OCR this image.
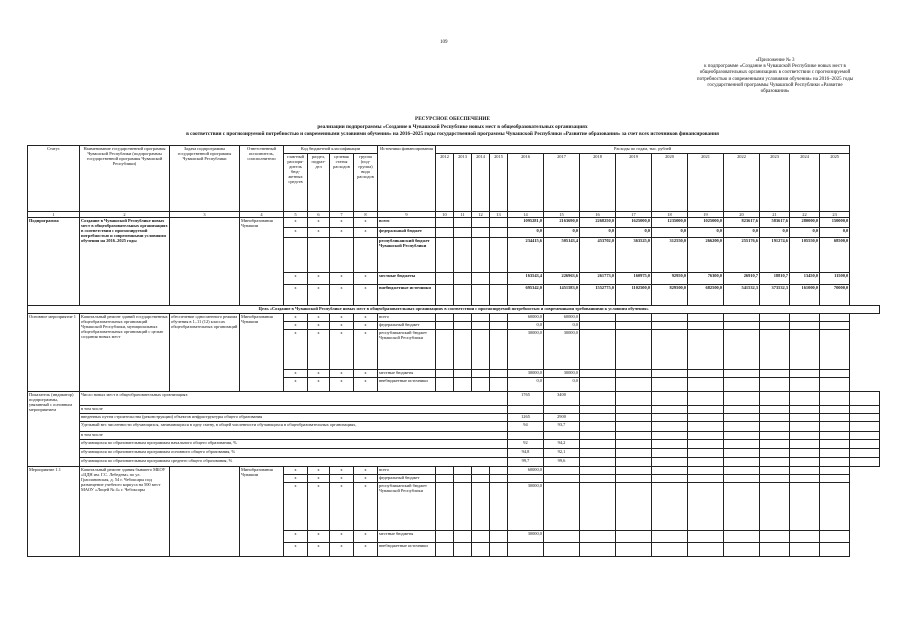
109
«Приложение № 3
к подпрограмме «Создание в Чувашской Республике новых мест в
общеобразовательных организациях в соответствии с прогнозируемой
потребностью и современными условиями обучения» на 2016–2025 годы
государственной программы Чувашской Республики «Развитие
образования»
РЕСУРСНОЕ ОБЕСПЕЧЕНИЕ
реализации подпрограммы «Создание в Чувашской Республике новых мест в общеобразовательных организациях
в соответствии с прогнозируемой потребностью и современными условиями обучения» на 2016–2025 годы государственной программы Чувашской Республики «Развитие образования» за счет всех источников финансирования
Статус	Наименование государственной программы Чувашской Республики (подпрограммы государственной программы Чувашской Республики)	Задача подпрограммы государственной программы Чувашской Республики	Ответственный исполнитель, соисполнители	Код бюджетной классификации				Источники финансирования	Расходы по годам, тыс. рублей														
				глав-ный распоря-дитель бюд-жетных средств	раздел, подраз-дел	целевая статья расходов	группа (под-группа) вида расходов		2012	2013	2014	2015	2016	2017	2018	2019	2020	2021	2022	2023	2024	2025	
1	2	3	4	5	6	7	8	9	10	11	12	13	14	15	16	17	18	19	20	21	22	23	
Подпрограмма	Создание в Чувашской Республике новых мест в общеобразовательных организациях в соответствии с прогнозируемой потребностью и современными условиями обучения на 2016–2025 годы		Минобразования Чувашии	x	x	x	x	всего					1095281,0	2163690,0	2268250,0	1625000,0	1235000,0	1025000,0	823617,6	583617,6	280000,0	150000,0	
				x	x	x	x	федеральный бюджет					0,0	0,0	0,0	0,0	0,0	0,0	0,0	0,0	0,0	0,0	
								республиканский бюджет Чувашской Республики					234415,6	505143,4	453702,0	363525,0	312550,0	266200,0	255176,6	191274,6	105550,0	68500,0	
				x	x	x	x	местные бюджеты					163543,4	226963,6	261773,0	160975,0	92950,0	76300,0	26910,7	18810,7	13450,0	11500,0	
				x	x	x	x	внебюджетные источники					695342,0	1451583,0	1552775,0	1102500,0	829500,0	682500,0	541532,3	373532,3	161000,0	70000,0	
Цель «Создание в Чувашской Республике новых мест в общеобразовательных организациях в соответствии с прогнозируемой потребностью и современными требованиями к условиям обучения»																							
Основное мероприятие 1	Капитальный ремонт зданий государственных общеобразовательных организаций Чувашской Республики, муниципальных общеобразовательных организаций с целью создания новых мест	обеспечение односменного режима обучения в 1–11 (12) классах общеобразовательных организаций	Минобразования Чувашии	x	x	x	x	всего					60000,0	60000,0									
				x	x	x	x	федеральный бюджет					0,0	0,0									
				x	x	x	x	республиканский бюджет Чувашской Республики					30000,0	30000,0									
				x	x	x	x	местные бюджеты					30000,0	30000,0									
				x	x	x	x	внебюджетные источники					0,0	0,0									
Показатель (индикатор) подпрограммы, увязанный с основным мероприятием	Число новых мест в общеобразовательных организациях												1765	3400									
	в том числе																						
	введенных путем строительства (реконструкции) объектов инфраструктуры общего образования												1265	2900									
	Удельный вес численности обучающихся, занимающихся в одну смену, в общей численности обучающихся в общеобразовательных организациях,												94	93,7									
	в том числе																						
	обучающихся по образовательным программам начального общего образования, %												92	94,2									
	обучающихся по образовательным программам основного общего образования, %												94,8	92,1									
	обучающихся по образовательным программам среднего общего образования, %												99,7	99,6									
Мероприятие 1.1	Капитальный ремонт здания бывшего МБОУ «ЦДН им. Г.С. Лебедева» по ул. Грасиановская, д. 54 г. Чебоксары под размещение учебного корпуса на 500 мест МАОУ «Лицей № 4» г. Чебоксары		Минобразования Чувашии	x	x	x	x	всего					60000,0										
				x	x	x	x	федеральный бюджет															
				x	x	x	x	республиканский бюджет Чувашской Республики					30000,0										
				x	x	x	x	местные бюджеты					30000,0										
				x	x	x	x	внебюджетные источники															
